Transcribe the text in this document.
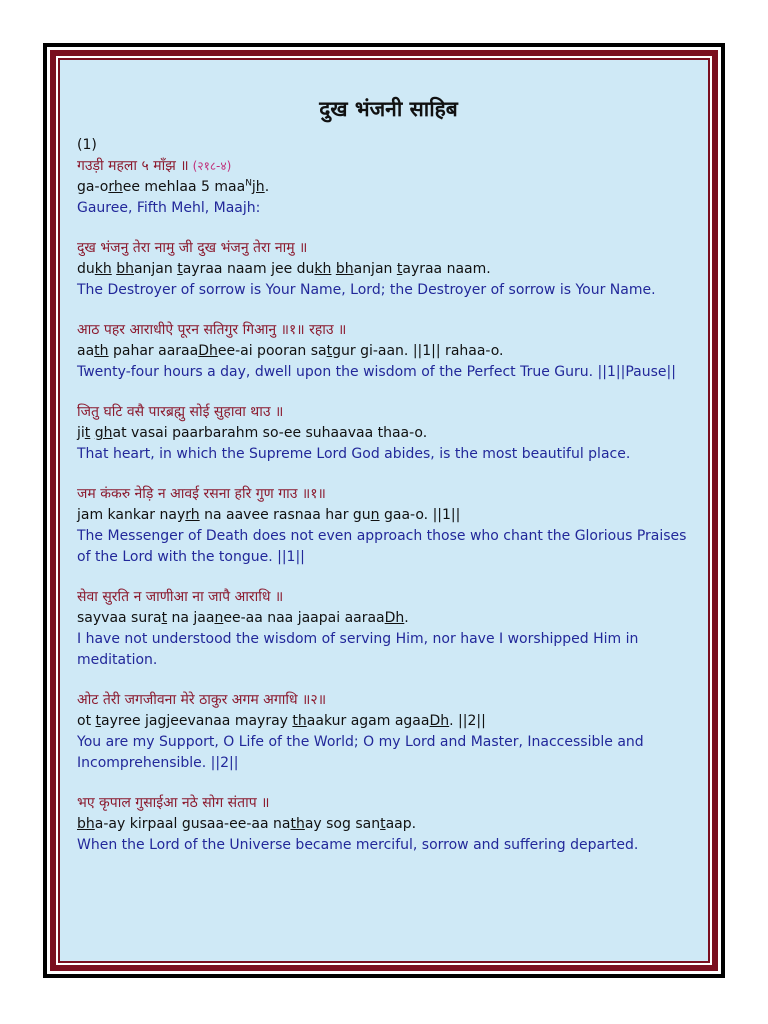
दुख भंजनी साहिब

(1)

गउड़ी महला ५ माँझ ॥ (२१८-४)

ga-orhee mehlaa 5 maa$^N$jh.

Gauree, Fifth Mehl, Maajh:

दुख भंजनु तेरा नामु जी दुख भंजनु तेरा नामु ॥

dukh bhanjan tayraa naam jee dukh bhanjan tayraa naam.

The Destroyer of sorrow is Your Name, Lord; the Destroyer of sorrow is Your Name.

आठ पहर आराधीऐ पूरन सतिगुर गिआनु ॥१॥ रहाउ ॥

aath pahar aaraaDhee-ai pooran satgur gi-aan. ||1|| rahaa-o.

Twenty-four hours a day, dwell upon the wisdom of the Perfect True Guru. ||1||Pause||

जितु घटि वसै पारब्रह्मु सोई सुहावा थाउ ॥

jit ghat vasai paarbarahm so-ee suhaavaa thaa-o.

That heart, in which the Supreme Lord God abides, is the most beautiful place.

जम कंकरु नेड़ि न आवई रसना हरि गुण गाउ ॥१॥

jam kankar nayrh na aavee rasnaa har gun gaa-o. ||1||

The Messenger of Death does not even approach those who chant the Glorious Praises of the Lord with the tongue. ||1||

सेवा सुरति न जाणीआ ना जापै आराधि ॥

sayvaa surat na jaanee-aa naa jaapai aaraaDh.

I have not understood the wisdom of serving Him, nor have I worshipped Him in meditation.

ओट तेरी जगजीवना मेरे ठाकुर अगम अगाधि ॥२॥

ot tayree jagjeevanaa mayray thaakur agam agaaDh. ||2||

You are my Support, O Life of the World; O my Lord and Master, Inaccessible and Incomprehensible. ||2||

भए कृपाल गुसाईआ नठे सोग संताप ॥

bha-ay kirpaal gusaa-ee-aa nathay sog santaap.

When the Lord of the Universe became merciful, sorrow and suffering departed.
